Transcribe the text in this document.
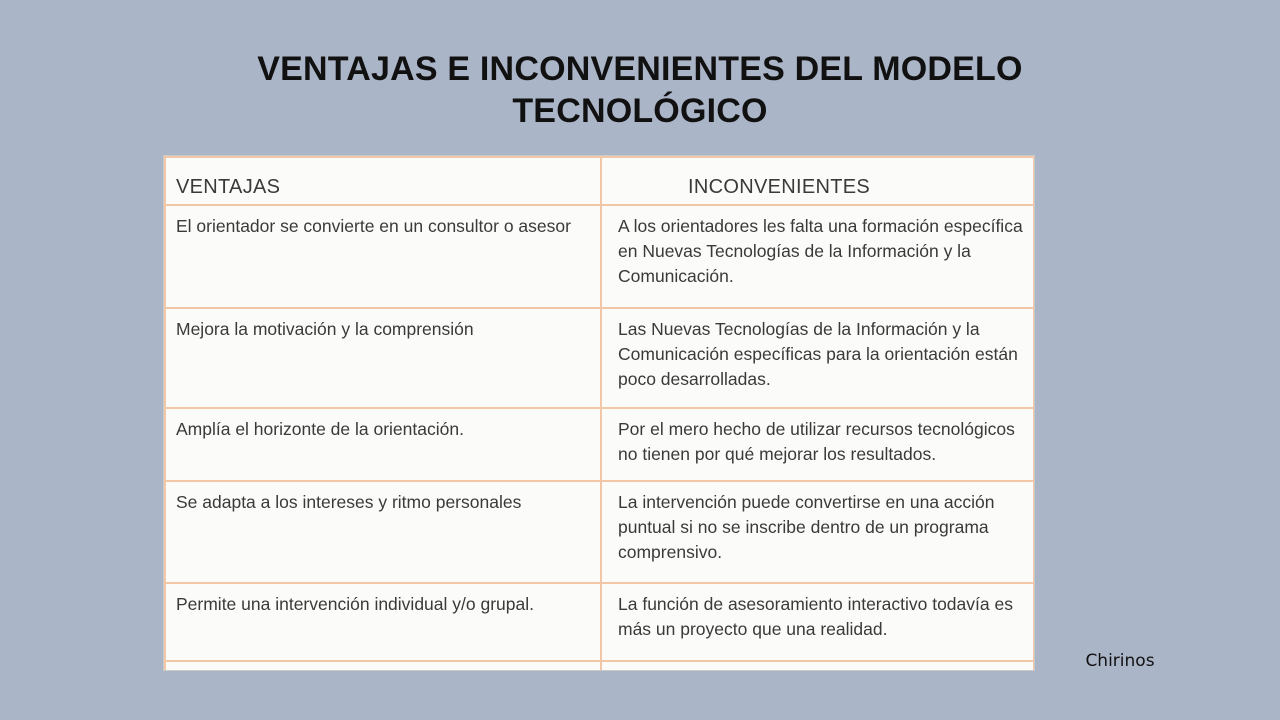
VENTAJAS E INCONVENIENTES DEL MODELO
TECNOLÓGICO
VENTAJAS	INCONVENIENTES
El orientador se convierte en un consultor o asesor	A los orientadores les falta una formación específica en Nuevas Tecnologías de la Información y la Comunicación.
Mejora la motivación y la comprensión	Las Nuevas Tecnologías de la Información y la Comunicación específicas para la orientación están poco desarrolladas.
Amplía el horizonte de la orientación.	Por el mero hecho de utilizar recursos tecnológicos no tienen por qué mejorar los resultados.
Se adapta a los intereses y ritmo personales	La intervención puede convertirse en una acción puntual si no se inscribe dentro de un programa comprensivo.
Permite una intervención individual y/o grupal.	La función de asesoramiento interactivo todavía es más un proyecto que una realidad.

Chirinos
